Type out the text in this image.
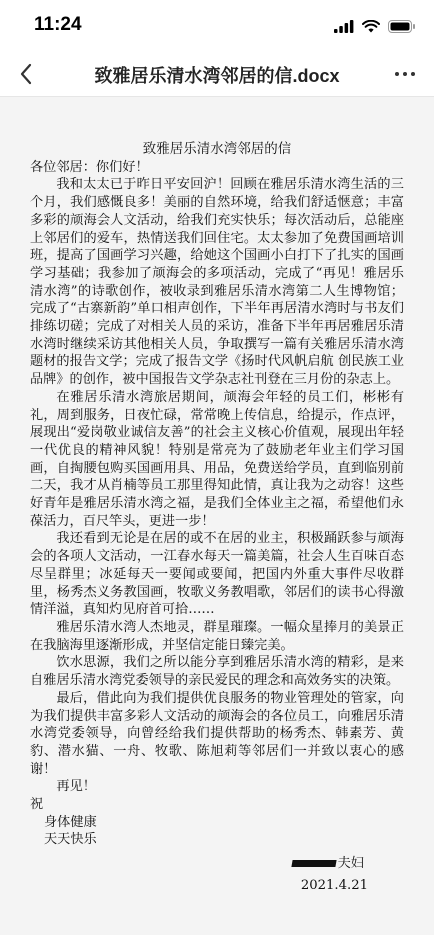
11:24
致雅居乐清水湾邻居的信.docx

致雅居乐清水湾邻居的信

各位邻居：你们好！

我和太太已于昨日平安回沪！回顾在雅居乐清水湾生活的三个月，我们感慨良多！美丽的自然环境，给我们舒适惬意；丰富多彩的颃海会人文活动，给我们充实快乐；每次活动后，总能座上邻居们的爱车，热情送我们回住宅。太太参加了免费国画培训班，提高了国画学习兴趣，给她这个国画小白打下了扎实的国画学习基础；我参加了颃海会的多项活动，完成了“再见！雅居乐清水湾”的诗歌创作，被收录到雅居乐清水湾第二人生博物馆；完成了“古寨新韵”单口相声创作，下半年再居清水湾时与书友们排练切磋；完成了对相关人员的采访，准备下半年再居雅居乐清水湾时继续采访其他相关人员，争取撰写一篇有关雅居乐清水湾题材的报告文学；完成了报告文学《扬时代风帆启航 创民族工业品牌》的创作，被中国报告文学杂志社刊登在三月份的杂志上。

在雅居乐清水湾旅居期间，颃海会年轻的员工们，彬彬有礼，周到服务，日夜忙碌，常常晚上传信息，给提示，作点评，展现出“爱岗敬业诚信友善”的社会主义核心价值观，展现出年轻一代优良的精神风貌！特别是常亮为了鼓励老年业主们学习国画，自掏腰包购买国画用具、用品，免费送给学员，直到临别前二天，我才从肖楠等员工那里得知此情，真让我为之动容！这些好青年是雅居乐清水湾之福，是我们全体业主之福，希望他们永葆活力，百尺竿头，更进一步！

我还看到无论是在居的或不在居的业主，积极踊跃参与颃海会的各项人文活动，一江春水每天一篇美篇，社会人生百味百态尽呈群里；冰延每天一要闻或要闻，把国内外重大事件尽收群里，杨秀杰义务教国画，牧歌义务教唱歌，邻居们的读书心得激情洋溢，真知灼见府首可拾……

雅居乐清水湾人杰地灵，群星璀璨。一幅众星捧月的美景正在我脑海里逐渐形成，并坚信定能日臻完美。

饮水思源，我们之所以能分享到雅居乐清水湾的精彩，是来自雅居乐清水湾党委领导的亲民爱民的理念和高效务实的决策。

最后，借此向为我们提供优良服务的物业管理处的管家，向为我们提供丰富多彩人文活动的颃海会的各位员工，向雅居乐清水湾党委领导，向曾经给我们提供帮助的杨秀杰、韩素芳、黄豹、潜水猫、一舟、牧歌、陈旭莉等邻居们一并致以衷心的感谢！

再见！

祝

身体健康

天天快乐

夫妇
2021.4.21
